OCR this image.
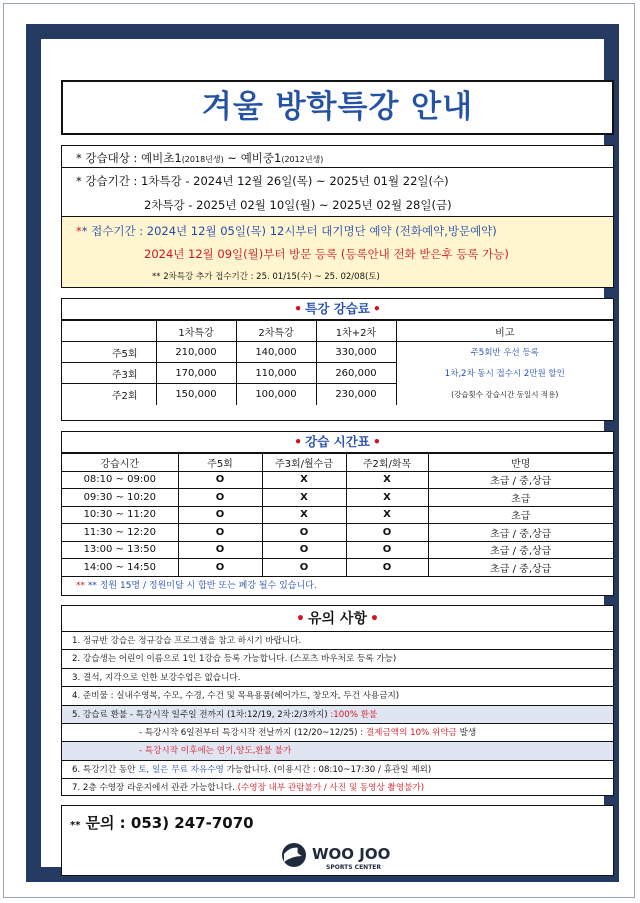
겨울 방학특강 안내
* 강습대상 : 예비초1(2018년생) ~ 예비중1(2012년생)
* 강습기간 : 1차특강 - 2024년 12월 26일(목) ~ 2025년 01월 22일(수)
2차특강 - 2025년 02월 10일(월) ~ 2025년 02월 28일(금)
** 접수기간 : 2024년 12월 05일(목) 12시부터 대기명단 예약 (전화예약,방문예약)
2024년 12월 09일(월)부터 방문 등록 (등록안내 전화 받은후 등록 가능)
** 2차특강 추가 접수기간 : 25. 01/15(수) ~ 25. 02/08(토)
• 특강 강습료 •
	1차특강	2차특강	1차+2차	비고
주5회	210,000	140,000	330,000	주5회반 우선 등록
주3회	170,000	110,000	260,000	1차,2차 동시 접수시 2만원 할인
주2회	150,000	100,000	230,000	(강습횟수 강습시간 동일시 적용)
• 강습 시간표 •
강습시간	주5회	주3회/월수금	주2회/화목	반명
08:10 ~ 09:00	O	X	X	초급 / 중,상급
09:30 ~ 10:20	O	X	X	초급
10:30 ~ 11:20	O	X	X	초급
11:30 ~ 12:20	O	O	O	초급 / 중,상급
13:00 ~ 13:50	O	O	O	초급 / 중,상급
14:00 ~ 14:50	O	O	O	초급 / 중,상급
** ** 정원 15명 / 정원미달 시 합반 또는 폐강 될수 있습니다.
• 유의 사항 •
1. 정규반 강습은 정규강습 프로그램을 참고 하시기 바랍니다.
2. 강습생는 어린이 이름으로 1인 1강습 등록 가능합니다. (스포츠 바우처로 등록 가능)
3. 결석, 지각으로 인한 보강수업은 없습니다.
4. 준비물 : 실내수영복, 수모, 수경, 수건 및 목욕용품(헤어가드, 창모자, 두건 사용금지)
5. 강습료 환불 - 특강시작 일주일 전까지 (1차:12/19, 2차:2/3까지) :100% 환불
- 특강시작 6일전부터 특강시작 전날까지 (12/20~12/25) : 결제금액의 10% 위약금 발생
- 특강시작 이후에는 연기,양도,환불 불가
6. 특강기간 동안 토, 일은 무료 자유수영 가능합니다. (이용시간 : 08:10~17:30 / 휴관일 제외)
7. 2층 수영장 라운지에서 관관 가능합니다. (수영장 내부 관람불가 / 사진 및 동영상 촬영불가)
** 문의 : 053) 247-7070
WOO JOO
SPORTS CENTER
